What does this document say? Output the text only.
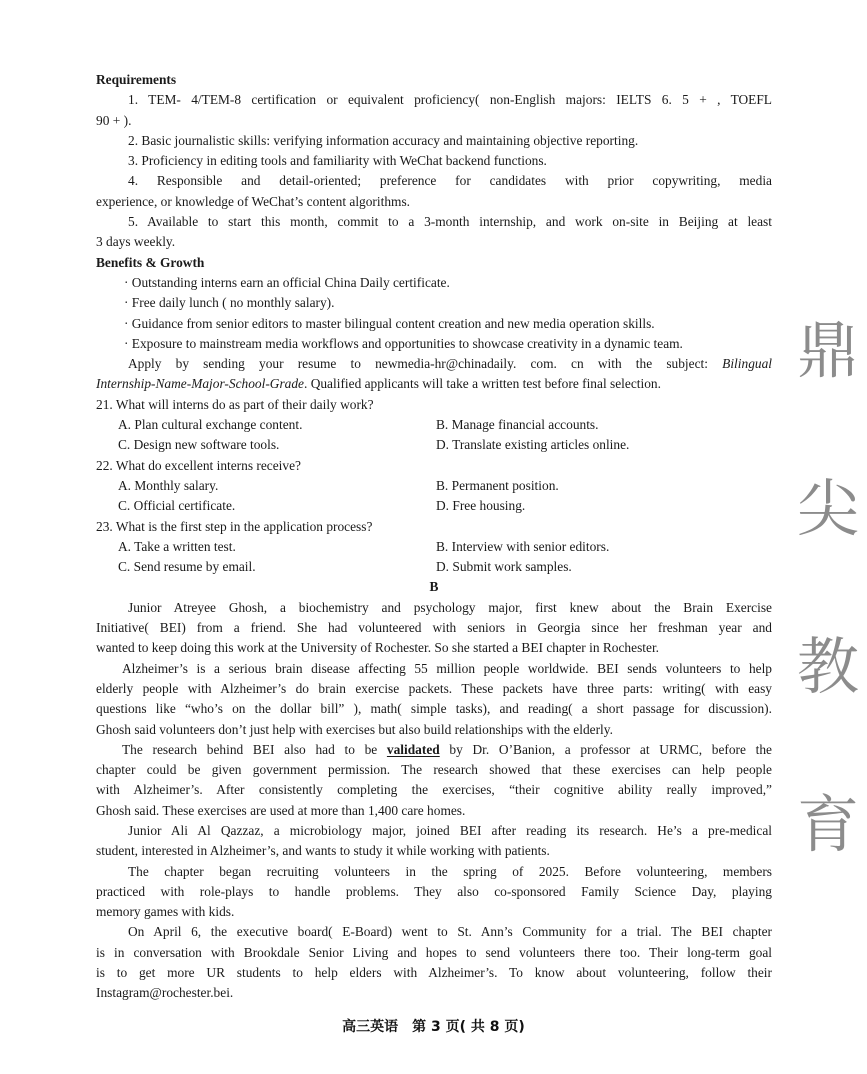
Requirements
1. TEM- 4/TEM-8 certification or equivalent proficiency( non-English majors: IELTS 6. 5 + , TOEFL
90 + ).
2. Basic journalistic skills: verifying information accuracy and maintaining objective reporting.
3. Proficiency in editing tools and familiarity with WeChat backend functions.
4. Responsible and detail-oriented; preference for candidates with prior copywriting, media
experience, or knowledge of WeChat’s content algorithms.
5. Available to start this month, commit to a 3-month internship, and work on-site in Beijing at least
3 days weekly.
Benefits & Growth
· Outstanding interns earn an official China Daily certificate.
· Free daily lunch ( no monthly salary).
· Guidance from senior editors to master bilingual content creation and new media operation skills.
· Exposure to mainstream media workflows and opportunities to showcase creativity in a dynamic team.
Apply by sending your resume to newmedia-hr@chinadaily. com. cn with the subject: Bilingual
Internship-Name-Major-School-Grade. Qualified applicants will take a written test before final selection.
21. What will interns do as part of their daily work?
A. Plan cultural exchange content.	B. Manage financial accounts.
C. Design new software tools.	D. Translate existing articles online.
22. What do excellent interns receive?
A. Monthly salary.	B. Permanent position.
C. Official certificate.	D. Free housing.
23. What is the first step in the application process?
A. Take a written test.	B. Interview with senior editors.
C. Send resume by email.	D. Submit work samples.
B
Junior Atreyee Ghosh, a biochemistry and psychology major, first knew about the Brain Exercise
Initiative( BEI) from a friend. She had volunteered with seniors in Georgia since her freshman year and
wanted to keep doing this work at the University of Rochester. So she started a BEI chapter in Rochester.
Alzheimer’s is a serious brain disease affecting 55 million people worldwide. BEI sends volunteers to help
elderly people with Alzheimer’s do brain exercise packets. These packets have three parts: writing( with easy
questions like “who’s on the dollar bill” ), math( simple tasks), and reading( a short passage for discussion).
Ghosh said volunteers don’t just help with exercises but also build relationships with the elderly.
The research behind BEI also had to be validated by Dr. O’Banion, a professor at URMC, before the
chapter could be given government permission. The research showed that these exercises can help people
with Alzheimer’s. After consistently completing the exercises, “their cognitive ability really improved,”
Ghosh said. These exercises are used at more than 1,400 care homes.
Junior Ali Al Qazzaz, a microbiology major, joined BEI after reading its research. He’s a pre-medical
student, interested in Alzheimer’s, and wants to study it while working with patients.
The chapter began recruiting volunteers in the spring of 2025. Before volunteering, members
practiced with role-plays to handle problems. They also co-sponsored Family Science Day, playing
memory games with kids.
On April 6, the executive board( E-Board) went to St. Ann’s Community for a trial. The BEI chapter
is in conversation with Brookdale Senior Living and hopes to send volunteers there too. Their long-term goal
is to get more UR students to help elders with Alzheimer’s. To know about volunteering, follow their
Instagram@rochester.bei.
鼎
尖
教
育
高三英语　第 3 页( 共 8 页)
